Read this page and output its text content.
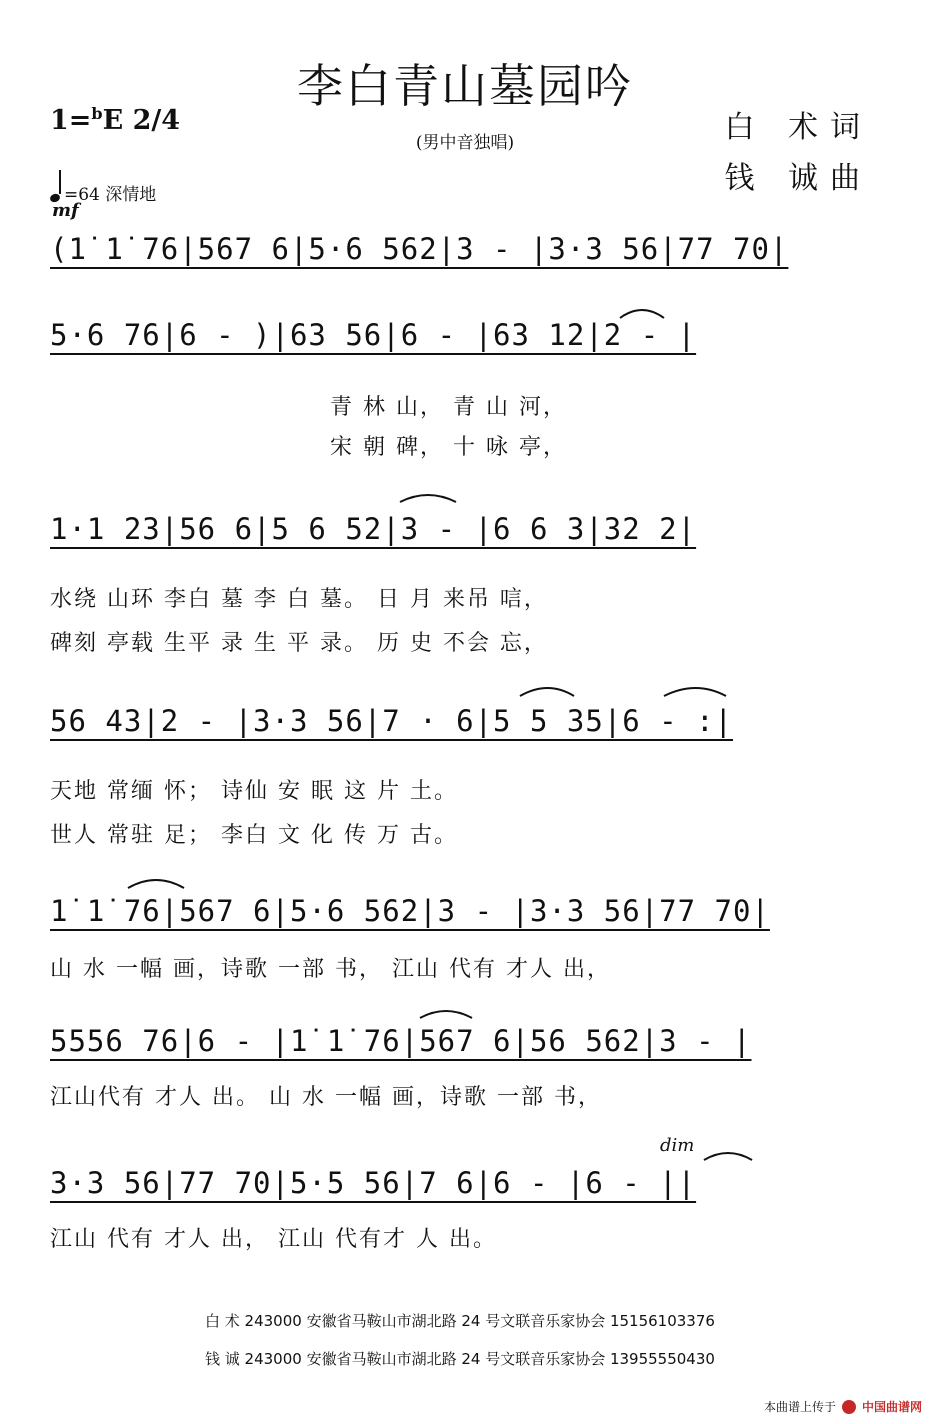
李白青山墓园吟
(男中音独唱)
1=$^b$E 2/4	白 术词
钱 诚曲
=64 深情地
mf
(1̇ 1̇ 76|567 6|5·6 562|3 - |3·3 56|77 70|
5·6 76|6 - )|63 56|6 - |63 12|2 - |
青 林 山， 青 山 河，
宋 朝 碑， 十 咏 亭，
1·1 23|56 6|5 6 52|3 - |6 6 3|32 2|
水绕 山环 李白 墓 李 白 墓。 日 月 来吊 唁，
碑刻 亭载 生平 录 生 平 录。 历 史 不会 忘，
56 43|2 - |3·3 56|7 · 6|5 5 35|6 - :|
天地 常缅 怀； 诗仙 安 眠 这 片 土。
世人 常驻 足； 李白 文 化 传 万 古。
1̇ 1̇ 76|567 6|5·6 562|3 - |3·3 56|77 70|
山 水 一幅 画，诗歌 一部 书， 江山 代有 才人 出，
5556 76|6 - |1̇ 1̇ 76|567 6|56 562|3 - |
江山代有 才人 出。 山 水 一幅 画，诗歌 一部 书，
dim
3·3 56|77 70|5·5 56|7 6|6 - |6 - ||
江山 代有 才人 出， 江山 代有才 人 出。
白 术 243000 安徽省马鞍山市湖北路 24 号文联音乐家协会 15156103376
钱 诚 243000 安徽省马鞍山市湖北路 24 号文联音乐家协会 13955550430
本曲谱上传于 中国曲谱网
